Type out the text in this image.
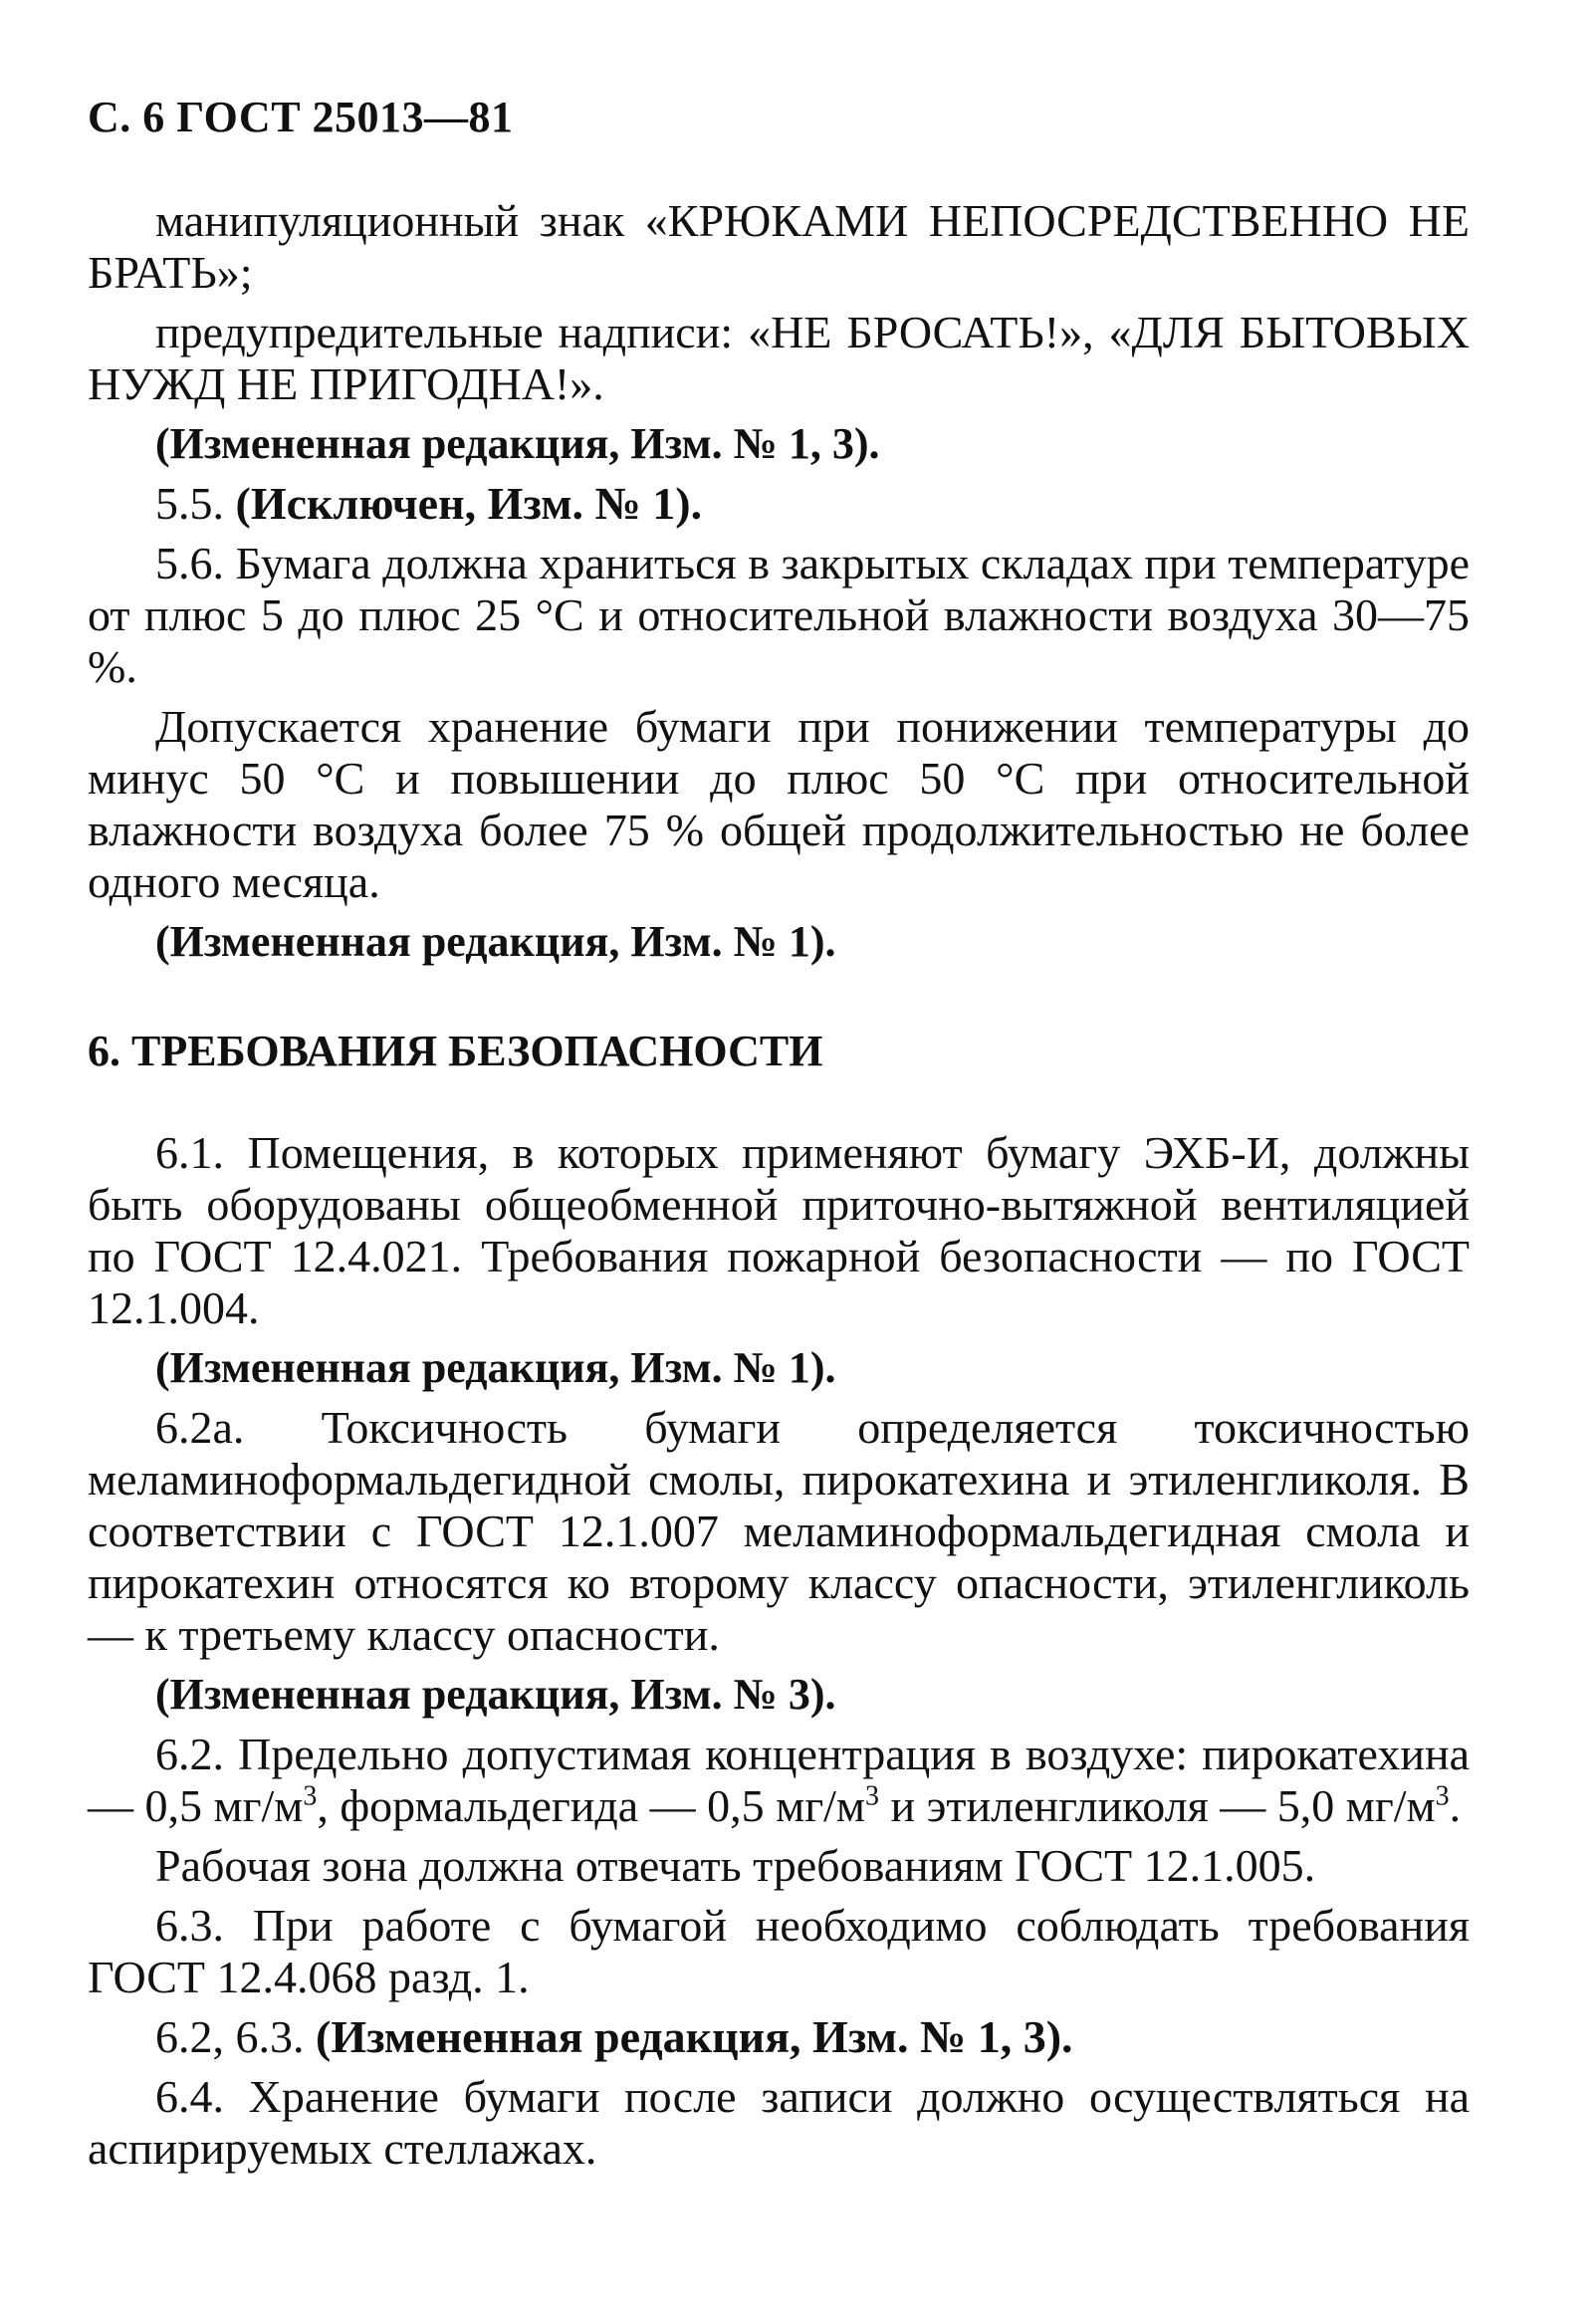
С. 6 ГОСТ 25013—81

манипуляционный знак «КРЮКАМИ НЕПОСРЕДСТВЕННО НЕ БРАТЬ»;

предупредительные надписи: «НЕ БРОСАТЬ!», «ДЛЯ БЫТОВЫХ НУЖД НЕ ПРИГОДНА!».

(Измененная редакция, Изм. № 1, 3).

5.5. (Исключен, Изм. № 1).

5.6. Бумага должна храниться в закрытых складах при температуре от плюс 5 до плюс 25 °С и относительной влажности воздуха 30—75 %.

Допускается хранение бумаги при понижении температуры до минус 50 °С и повышении до плюс 50 °С при относительной влажности воздуха более 75 % общей продолжительностью не более одного месяца.

(Измененная редакция, Изм. № 1).

6. ТРЕБОВАНИЯ БЕЗОПАСНОСТИ

6.1. Помещения, в которых применяют бумагу ЭХБ-И, должны быть оборудованы общеобменной приточно-вытяжной вентиляцией по ГОСТ 12.4.021. Требования пожарной безопасности — по ГОСТ 12.1.004.

(Измененная редакция, Изм. № 1).

6.2а. Токсичность бумаги определяется токсичностью меламиноформальдегидной смолы, пирокатехина и этиленгликоля. В соответствии с ГОСТ 12.1.007 меламиноформальдегидная смола и пирокатехин относятся ко второму классу опасности, этиленгликоль — к третьему классу опасности.

(Измененная редакция, Изм. № 3).

6.2. Предельно допустимая концентрация в воздухе: пирокатехина — 0,5 $мг/м^3$, формальдегида — 0,5 $мг/м^3$ и этиленгликоля — 5,0 $мг/м^3$.

Рабочая зона должна отвечать требованиям ГОСТ 12.1.005.

6.3. При работе с бумагой необходимо соблюдать требования ГОСТ 12.4.068 разд. 1.

6.2, 6.3. (Измененная редакция, Изм. № 1, 3).

6.4. Хранение бумаги после записи должно осуществляться на аспирируемых стеллажах.
